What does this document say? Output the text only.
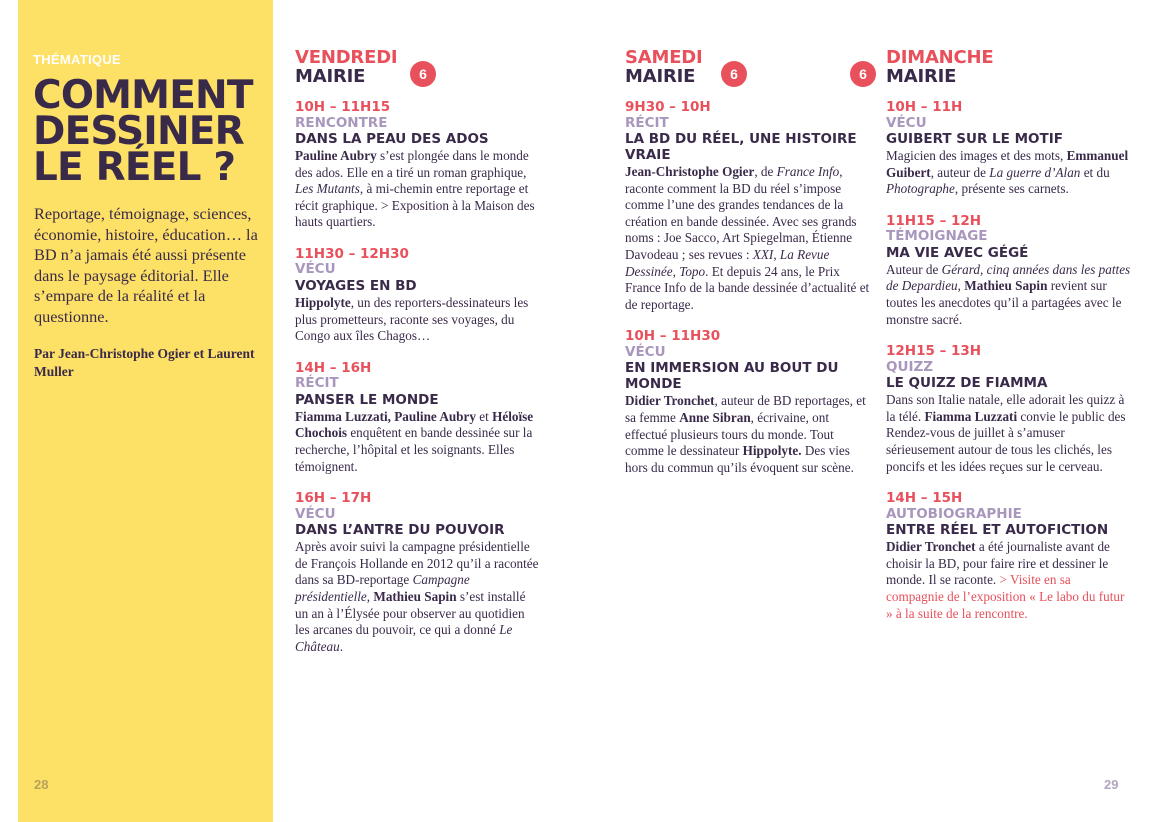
THÉMATIQUE
COMMENT
DESSINER
LE RÉEL ?
Reportage, témoignage, sciences, économie, histoire, éducation… la BD n’a jamais été aussi présente dans le paysage éditorial. Elle s’empare de la réalité et la questionne.
Par Jean-Christophe Ogier et Laurent Muller
28	29
VENDREDI
MAIRIE	6
10H – 11H15
RENCONTRE
DANS LA PEAU DES ADOS
Pauline Aubry s’est plongée dans le monde des ados. Elle en a tiré un roman graphique, Les Mutants, à mi-chemin entre reportage et récit graphique. > Exposition à la Maison des hauts quartiers.
11H30 – 12H30
VÉCU
VOYAGES EN BD
Hippolyte, un des reporters-dessinateurs les plus prometteurs, raconte ses voyages, du Congo aux îles Chagos…
14H – 16H
RÉCIT
PANSER LE MONDE
Fiamma Luzzati, Pauline Aubry et Héloïse Chochois enquêtent en bande dessinée sur la recherche, l’hôpital et les soignants. Elles témoignent.
16H – 17H
VÉCU
DANS L’ANTRE DU POUVOIR
Après avoir suivi la campagne présidentielle de François Hollande en 2012 qu’il a racontée dans sa BD-reportage Campagne présidentielle, Mathieu Sapin s’est installé un an à l’Élysée pour observer au quotidien les arcanes du pouvoir, ce qui a donné Le Château.
SAMEDI
MAIRIE	6
9H30 – 10H
RÉCIT
LA BD DU RÉEL, UNE HISTOIRE VRAIE
Jean-Christophe Ogier, de France Info, raconte comment la BD du réel s’impose comme l’une des grandes tendances de la création en bande dessinée. Avec ses grands noms : Joe Sacco, Art Spiegelman, Étienne Davodeau ; ses revues : XXI, La Revue Dessinée, Topo. Et depuis 24 ans, le Prix France Info de la bande dessinée d’actualité et de reportage.
10H – 11H30
VÉCU
EN IMMERSION AU BOUT DU MONDE
Didier Tronchet, auteur de BD reportages, et sa femme Anne Sibran, écrivaine, ont effectué plusieurs tours du monde. Tout comme le dessinateur Hippolyte. Des vies hors du commun qu’ils évoquent sur scène.
6
DIMANCHE
MAIRIE
10H – 11H
VÉCU
GUIBERT SUR LE MOTIF
Magicien des images et des mots, Emmanuel Guibert, auteur de La guerre d’Alan et du Photographe, présente ses carnets.
11H15 – 12H
TÉMOIGNAGE
MA VIE AVEC GÉGÉ
Auteur de Gérard, cinq années dans les pattes de Depardieu, Mathieu Sapin revient sur toutes les anecdotes qu’il a partagées avec le monstre sacré.
12H15 – 13H
QUIZZ
LE QUIZZ DE FIAMMA
Dans son Italie natale, elle adorait les quizz à la télé. Fiamma Luzzati convie le public des Rendez-vous de juillet à s’amuser sérieusement autour de tous les clichés, les poncifs et les idées reçues sur le cerveau.
14H – 15H
AUTOBIOGRAPHIE
ENTRE RÉEL ET AUTOFICTION
Didier Tronchet a été journaliste avant de choisir la BD, pour faire rire et dessiner le monde. Il se raconte. > Visite en sa compagnie de l’exposition « Le labo du futur » à la suite de la rencontre.
